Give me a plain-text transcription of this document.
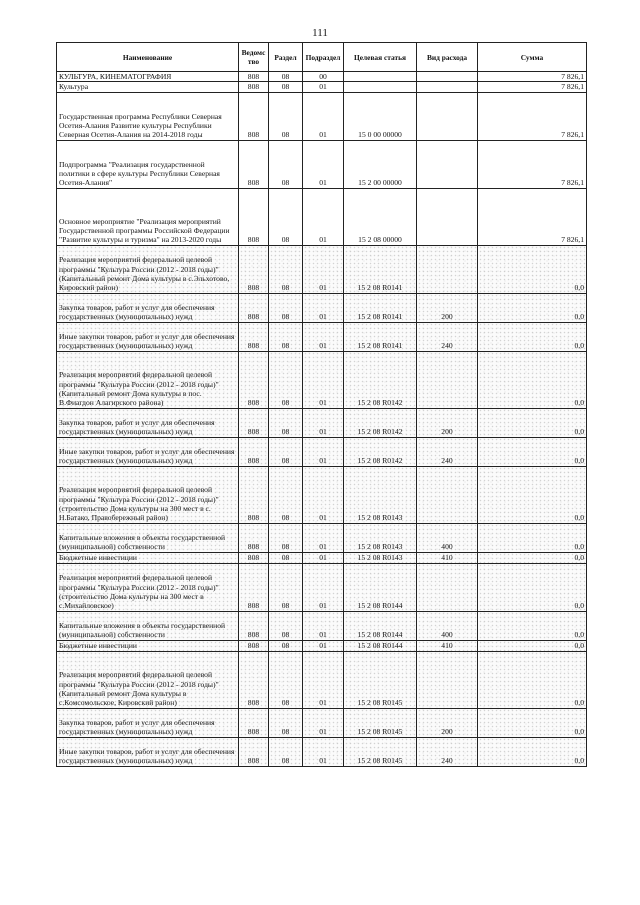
111
Наименование	Ведомс тво	Раздел	Подраздел	Целевая статья	Вид расхода	Сумма
КУЛЬТУРА, КИНЕМАТОГРАФИЯ	808	08	00			7 826,1
Культура	808	08	01			7 826,1
Государственная программа Республики Северная Осетия-Алания Развитие культуры Республики Северная Осетия-Алания на 2014-2018 годы	808	08	01	15 0 00 00000		7 826,1
Подпрограмма "Реализация государственной политики в сфере культуры Республики Северная Осетия-Алания"	808	08	01	15 2 00 00000		7 826,1
Основное мероприятие "Реализация мероприятий Государственной программы Российской Федерации "Развитие культуры и туризма" на 2013-2020 годы	808	08	01	15 2 08 00000		7 826,1
Реализация мероприятий федеральной целевой программы "Культура России (2012 - 2018 годы)" (Капитальный ремонт Дома культуры в с.Эльхотово, Кировский район)	808	08	01	15 2 08 R0141		0,0
Закупка товаров, работ и услуг для обеспечения государственных (муниципальных) нужд	808	08	01	15 2 08 R0141	200	0,0
Иные закупки товаров, работ и услуг для обеспечения государственных (муниципальных) нужд	808	08	01	15 2 08 R0141	240	0,0
Реализация мероприятий федеральной целевой программы "Культура России (2012 - 2018 годы)" (Капитальный ремонт Дома культуры в пос. В.Фиагдон Алагирского района)	808	08	01	15 2 08 R0142		0,0
Закупка товаров, работ и услуг для обеспечения государственных (муниципальных) нужд	808	08	01	15 2 08 R0142	200	0,0
Иные закупки товаров, работ и услуг для обеспечения государственных (муниципальных) нужд	808	08	01	15 2 08 R0142	240	0,0
Реализация мероприятий федеральной целевой программы "Культура России (2012 - 2018 годы)" (строительство Дома культуры на 300 мест в с. Н.Батако, Правобережный район)	808	08	01	15 2 08 R0143		0,0
Капитальные вложения в объекты государственной (муниципальной) собственности	808	08	01	15 2 08 R0143	400	0,0
Бюджетные инвестиции	808	08	01	15 2 08 R0143	410	0,0
Реализация мероприятий федеральной целевой программы "Культура России (2012 - 2018 годы)" (строительство Дома культуры на 300 мест в с.Михайловское)	808	08	01	15 2 08 R0144		0,0
Капитальные вложения в объекты государственной (муниципальной) собственности	808	08	01	15 2 08 R0144	400	0,0
Бюджетные инвестиции	808	08	01	15 2 08 R0144	410	0,0
Реализация мероприятий федеральной целевой программы "Культура России (2012 - 2018 годы)" (Капитальный ремонт Дома культуры в с.Комсомольское, Кировский район)	808	08	01	15 2 08 R0145		0,0
Закупка товаров, работ и услуг для обеспечения государственных (муниципальных) нужд	808	08	01	15 2 08 R0145	200	0,0
Иные закупки товаров, работ и услуг для обеспечения государственных (муниципальных) нужд	808	08	01	15 2 08 R0145	240	0,0
